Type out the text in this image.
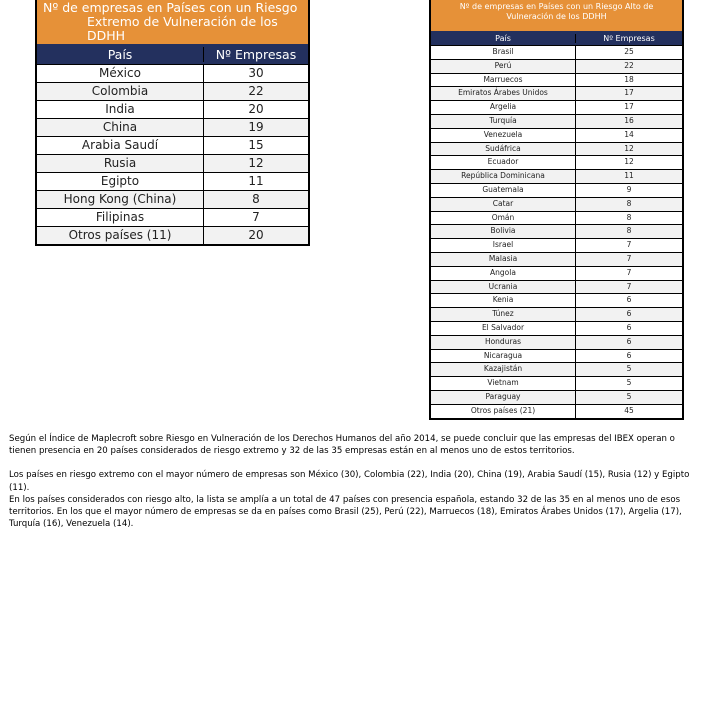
Nº de empresas en Países con un Riesgo
Extremo de Vulneración de los
DDHH
País	Nº Empresas
México	30
Colombia	22
India	20
China	19
Arabia Saudí	15
Rusia	12
Egipto	11
Hong Kong (China)	8
Filipinas	7
Otros países (11)	20
Nº de empresas en Países con un Riesgo Alto de
Vulneración de los DDHH
País	Nº Empresas
Brasil	25
Perú	22
Marruecos	18
Emiratos Árabes Unidos	17
Argelia	17
Turquía	16
Venezuela	14
Sudáfrica	12
Ecuador	12
República Dominicana	11
Guatemala	9
Catar	8
Omán	8
Bolivia	8
Israel	7
Malasia	7
Angola	7
Ucrania	7
Kenia	6
Túnez	6
El Salvador	6
Honduras	6
Nicaragua	6
Kazajistán	5
Vietnam	5
Paraguay	5
Otros países (21)	45

Según el Índice de Maplecroft sobre Riesgo en Vulneración de los Derechos Humanos del año 2014, se puede concluir que las empresas del IBEX operan o tienen presencia en 20 países considerados de riesgo extremo y 32 de las 35 empresas están en al menos uno de estos territorios.

Los países en riesgo extremo con el mayor número de empresas son México (30), Colombia (22), India (20), China (19), Arabia Saudí (15), Rusia (12) y Egipto (11).

En los países considerados con riesgo alto, la lista se amplía a un total de 47 países con presencia española, estando 32 de las 35 en al menos uno de esos territorios. En los que el mayor número de empresas se da en países como Brasil (25), Perú (22), Marruecos (18), Emiratos Árabes Unidos (17), Argelia (17), Turquía (16), Venezuela (14).
